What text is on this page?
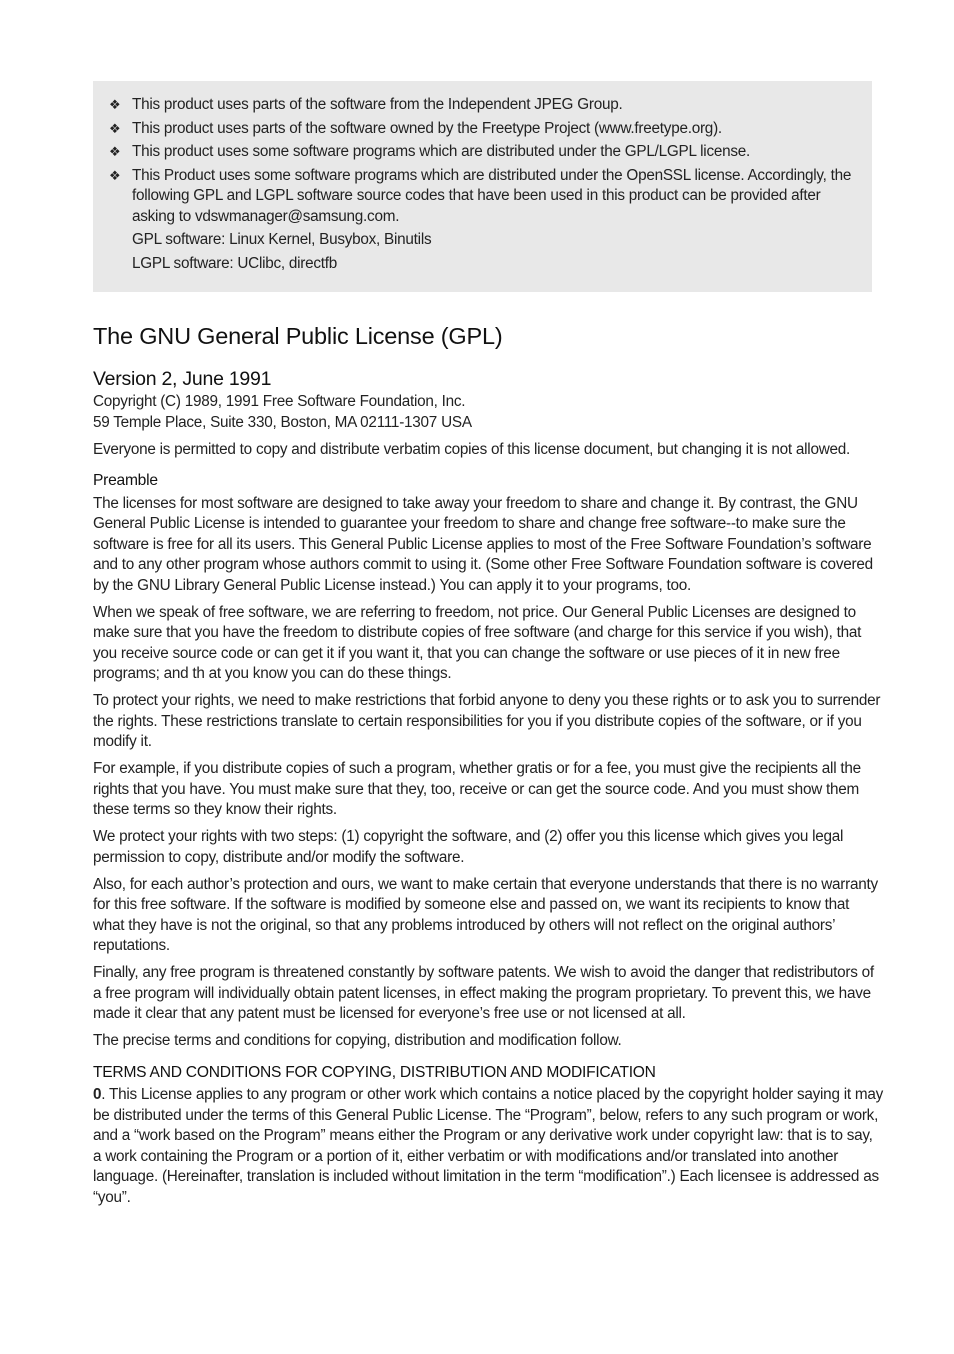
❖ This product uses parts of the software from the Independent JPEG Group.

❖ This product uses parts of the software owned by the Freetype Project (www.freetype.org).

❖ This product uses some software programs which are distributed under the GPL/LGPL license.

❖ This Product uses some software programs which are distributed under the OpenSSL license. Accordingly, the following GPL and LGPL software source codes that have been used in this product can be provided after asking to vdswmanager@samsung.com.

GPL software: Linux Kernel, Busybox, Binutils

LGPL software: UClibc, directfb

The GNU General Public License (GPL)
Version 2, June 1991

Copyright (C) 1989, 1991 Free Software Foundation, Inc.
59 Temple Place, Suite 330, Boston, MA 02111-1307 USA

Everyone is permitted to copy and distribute verbatim copies of this license document, but changing it is not allowed.

Preamble

The licenses for most software are designed to take away your freedom to share and change it. By contrast, the GNU General Public License is intended to guarantee your freedom to share and change free software--to make sure the software is free for all its users. This General Public License applies to most of the Free Software Foundation’s software and to any other program whose authors commit to using it. (Some other Free Software Foundation software is covered by the GNU Library General Public License instead.) You can apply it to your programs, too.

When we speak of free software, we are referring to freedom, not price. Our General Public Licenses are designed to make sure that you have the freedom to distribute copies of free software (and charge for this service if you wish), that you receive source code or can get it if you want it, that you can change the software or use pieces of it in new free programs; and th at you know you can do these things.

To protect your rights, we need to make restrictions that forbid anyone to deny you these rights or to ask you to surrender the rights. These restrictions translate to certain responsibilities for you if you distribute copies of the software, or if you modify it.

For example, if you distribute copies of such a program, whether gratis or for a fee, you must give the recipients all the rights that you have. You must make sure that they, too, receive or can get the source code. And you must show them these terms so they know their rights.

We protect your rights with two steps: (1) copyright the software, and (2) offer you this license which gives you legal permission to copy, distribute and/or modify the software.

Also, for each author’s protection and ours, we want to make certain that everyone understands that there is no warranty for this free software. If the software is modified by someone else and passed on, we want its recipients to know that what they have is not the original, so that any problems introduced by others will not reflect on the original authors’ reputations.

Finally, any free program is threatened constantly by software patents. We wish to avoid the danger that redistributors of a free program will individually obtain patent licenses, in effect making the program proprietary. To prevent this, we have made it clear that any patent must be licensed for everyone’s free use or not licensed at all.

The precise terms and conditions for copying, distribution and modification follow.

TERMS AND CONDITIONS FOR COPYING, DISTRIBUTION AND MODIFICATION

0. This License applies to any program or other work which contains a notice placed by the copyright holder saying it may be distributed under the terms of this General Public License. The “Program”, below, refers to any such program or work, and a “work based on the Program” means either the Program or any derivative work under copyright law: that is to say, a work containing the Program or a portion of it, either verbatim or with modifications and/or translated into another language. (Hereinafter, translation is included without limitation in the term “modification”.) Each licensee is addressed as “you”.
